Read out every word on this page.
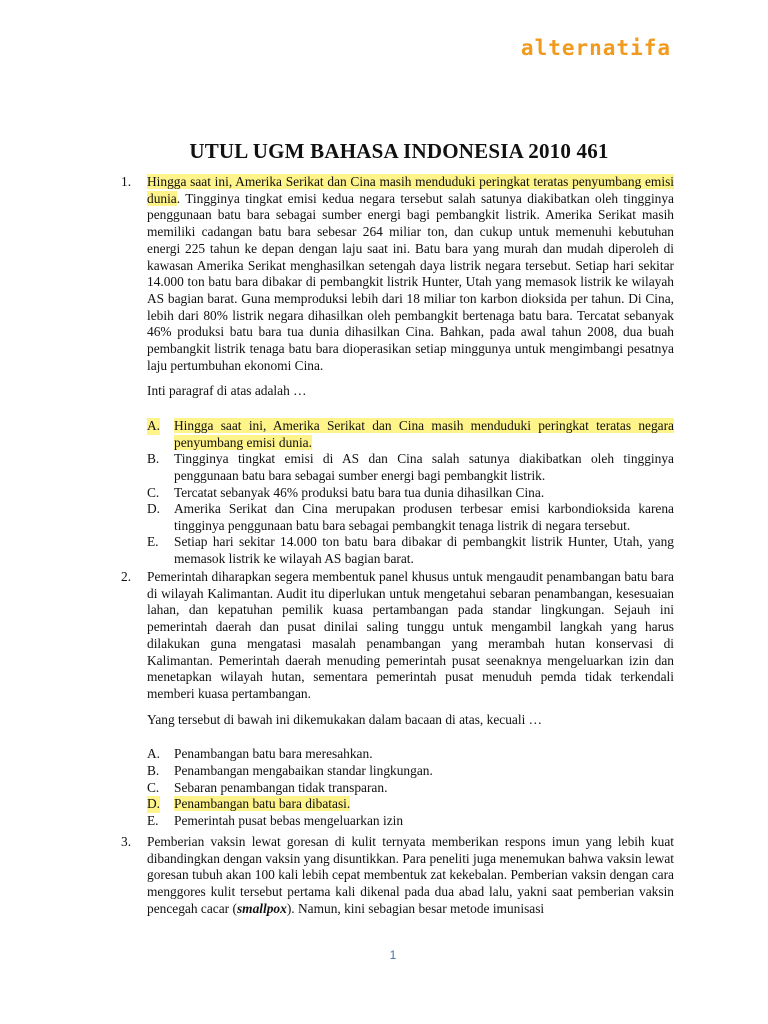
alternatifa
UTUL UGM BAHASA INDONESIA 2010 461
1. Hingga saat ini, Amerika Serikat dan Cina masih menduduki peringkat teratas penyumbang emisi dunia. Tingginya tingkat emisi kedua negara tersebut salah satunya diakibatkan oleh tingginya penggunaan batu bara sebagai sumber energi bagi pembangkit listrik. Amerika Serikat masih memiliki cadangan batu bara sebesar 264 miliar ton, dan cukup untuk memenuhi kebutuhan energi 225 tahun ke depan dengan laju saat ini. Batu bara yang murah dan mudah diperoleh di kawasan Amerika Serikat menghasilkan setengah daya listrik negara tersebut. Setiap hari sekitar 14.000 ton batu bara dibakar di pembangkit listrik Hunter, Utah yang memasok listrik ke wilayah AS bagian barat. Guna memproduksi lebih dari 18 miliar ton karbon dioksida per tahun. Di Cina, lebih dari 80% listrik negara dihasilkan oleh pembangkit bertenaga batu bara. Tercatat sebanyak 46% produksi batu bara tua dunia dihasilkan Cina. Bahkan, pada awal tahun 2008, dua buah pembangkit listrik tenaga batu bara dioperasikan setiap minggunya untuk mengimbangi pesatnya laju pertumbuhan ekonomi Cina.

Inti paragraf di atas adalah …

A. Hingga saat ini, Amerika Serikat dan Cina masih menduduki peringkat teratas negara penyumbang emisi dunia.
B. Tingginya tingkat emisi di AS dan Cina salah satunya diakibatkan oleh tingginya penggunaan batu bara sebagai sumber energi bagi pembangkit listrik.
C. Tercatat sebanyak 46% produksi batu bara tua dunia dihasilkan Cina.
D. Amerika Serikat dan Cina merupakan produsen terbesar emisi karbondioksida karena tingginya penggunaan batu bara sebagai pembangkit tenaga listrik di negara tersebut.
E. Setiap hari sekitar 14.000 ton batu bara dibakar di pembangkit listrik Hunter, Utah, yang memasok listrik ke wilayah AS bagian barat.
2. Pemerintah diharapkan segera membentuk panel khusus untuk mengaudit penambangan batu bara di wilayah Kalimantan. Audit itu diperlukan untuk mengetahui sebaran penambangan, kesesuaian lahan, dan kepatuhan pemilik kuasa pertambangan pada standar lingkungan. Sejauh ini pemerintah daerah dan pusat dinilai saling tunggu untuk mengambil langkah yang harus dilakukan guna mengatasi masalah penambangan yang merambah hutan konservasi di Kalimantan. Pemerintah daerah menuding pemerintah pusat seenaknya mengeluarkan izin dan menetapkan wilayah hutan, sementara pemerintah pusat menuduh pemda tidak terkendali memberi kuasa pertambangan.

Yang tersebut di bawah ini dikemukakan dalam bacaan di atas, kecuali …

A. Penambangan batu bara meresahkan.
B. Penambangan mengabaikan standar lingkungan.
C. Sebaran penambangan tidak transparan.
D. Penambangan batu bara dibatasi.
E. Pemerintah pusat bebas mengeluarkan izin
3. Pemberian vaksin lewat goresan di kulit ternyata memberikan respons imun yang lebih kuat dibandingkan dengan vaksin yang disuntikkan. Para peneliti juga menemukan bahwa vaksin lewat goresan tubuh akan 100 kali lebih cepat membentuk zat kekebalan. Pemberian vaksin dengan cara menggores kulit tersebut pertama kali dikenal pada dua abad lalu, yakni saat pemberian vaksin pencegah cacar (smallpox). Namun, kini sebagian besar metode imunisasi

1
